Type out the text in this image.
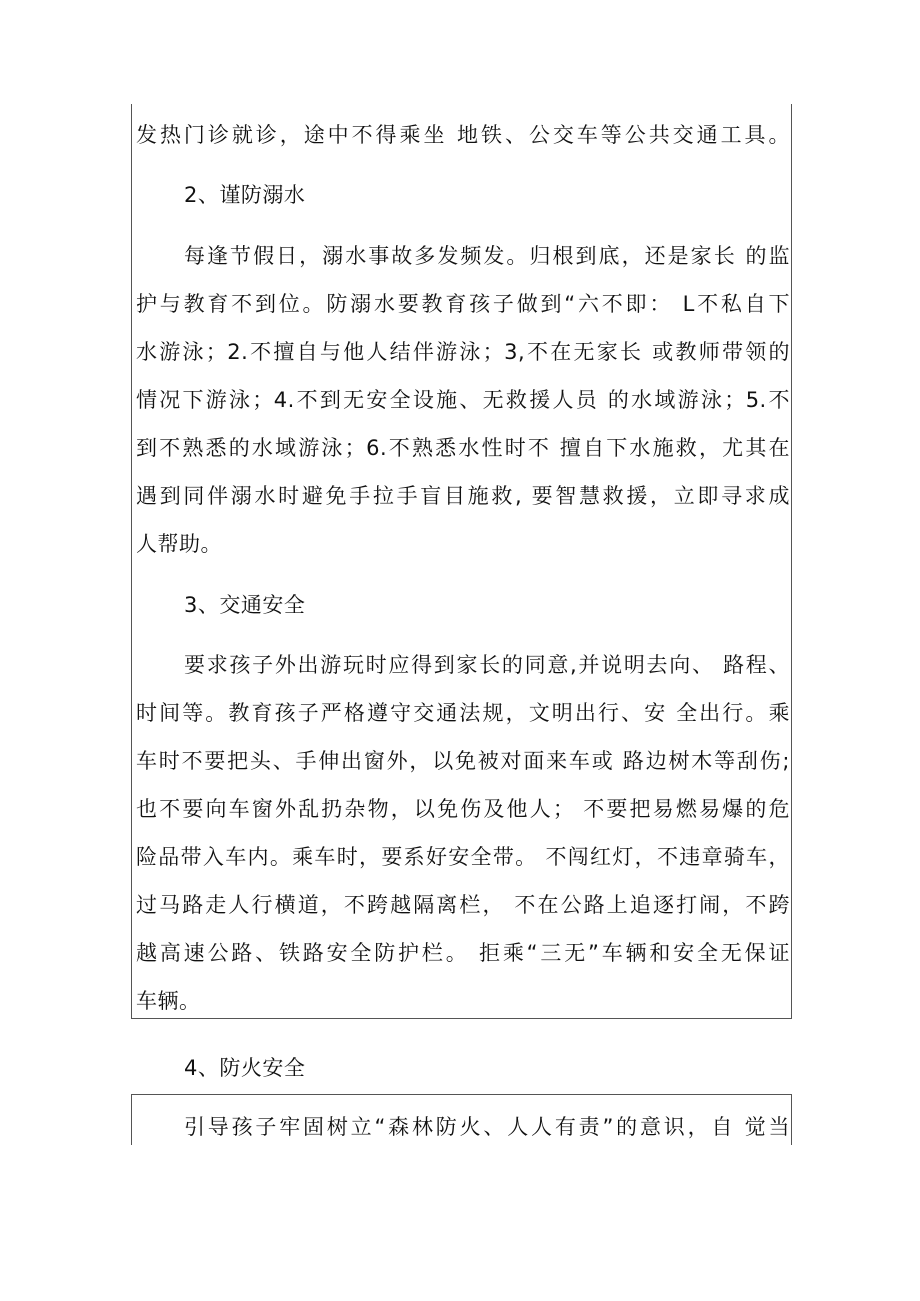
发热门诊就诊，途中不得乘坐 地铁、公交车等公共交通工具。
2、谨防溺水
每逢节假日，溺水事故多发频发。归根到底，还是家长 的监
护与教育不到位。防溺水要教育孩子做到“六不即： L不私自下
水游泳；2.不擅自与他人结伴游泳；3,不在无家长 或教师带领的
情况下游泳；4.不到无安全设施、无救援人员 的水域游泳；5.不
到不熟悉的水域游泳；6.不熟悉水性时不 擅自下水施救，尤其在
遇到同伴溺水时避免手拉手盲目施救, 要智慧救援，立即寻求成
人帮助。
3、交通安全
要求孩子外出游玩时应得到家长的同意,并说明去向、 路程、
时间等。教育孩子严格遵守交通法规，文明出行、安 全出行。乘
车时不要把头、手伸出窗外，以免被对面来车或 路边树木等刮伤;
也不要向车窗外乱扔杂物，以免伤及他人； 不要把易燃易爆的危
险品带入车内。乘车时，要系好安全带。 不闯红灯，不违章骑车，
过马路走人行横道，不跨越隔离栏， 不在公路上追逐打闹，不跨
越高速公路、铁路安全防护栏。 拒乘“三无”车辆和安全无保证
车辆。
4、防火安全
引导孩子牢固树立“森林防火、人人有责”的意识，自 觉当
